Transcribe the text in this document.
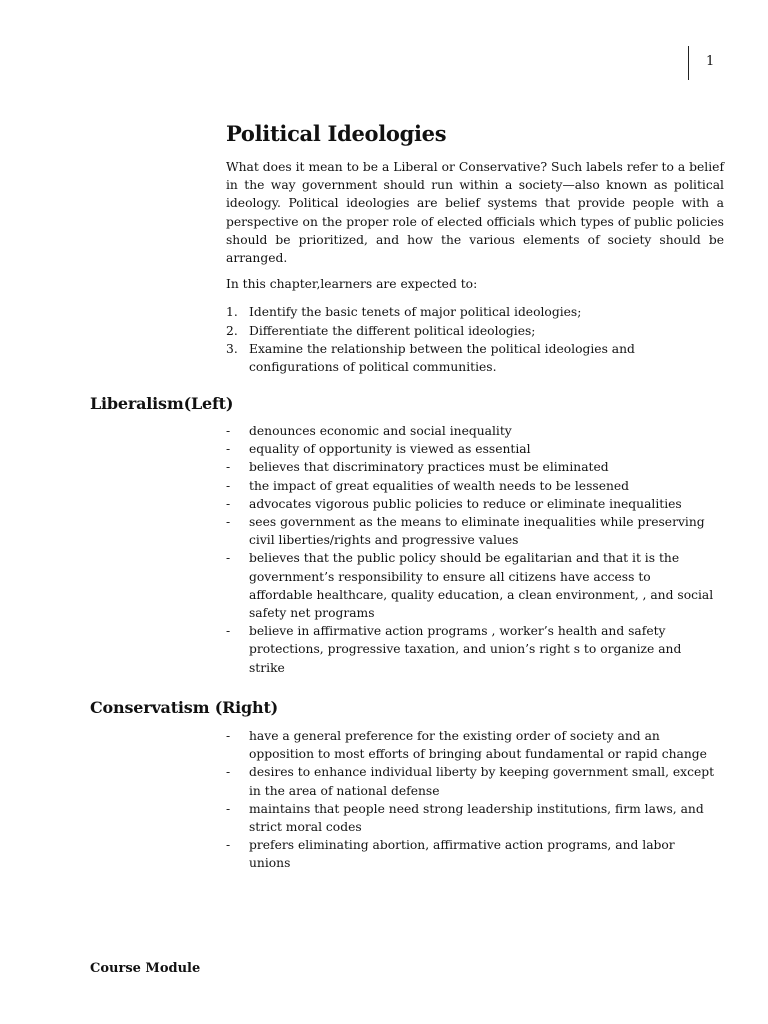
1
Political Ideologies

What does it mean to be a Liberal or Conservative? Such labels refer to a belief in the way government should run within a society—also known as political ideology. Political ideologies are belief systems that provide people with a perspective on the proper role of elected officials which types of public policies should be prioritized, and how the various elements of society should be arranged.

In this chapter,learners are expected to:

1. Identify the basic tenets of major political ideologies;
2. Differentiate the different political ideologies;
3. Examine the relationship between the political ideologies and configurations of political communities.
Liberalism(Left)
- denounces economic and social inequality
- equality of opportunity is viewed as essential
- believes that discriminatory practices must be eliminated
- the impact of great equalities of wealth needs to be lessened
- advocates vigorous public policies to reduce or eliminate inequalities
- sees government as the means to eliminate inequalities while preserving civil liberties/rights and progressive values
- believes that the public policy should be egalitarian and that it is the government’s responsibility to ensure all citizens have access to affordable healthcare, quality education, a clean environment, , and social safety net programs
- believe in affirmative action programs , worker’s health and safety protections, progressive taxation, and union’s right s to organize and strike
Conservatism (Right)
- have a general preference for the existing order of society and an opposition to most efforts of bringing about fundamental or rapid change
- desires to enhance individual liberty by keeping government small, except in the area of national defense
- maintains that people need strong leadership institutions, firm laws, and strict moral codes
- prefers eliminating abortion, affirmative action programs, and labor unions
Course Module
